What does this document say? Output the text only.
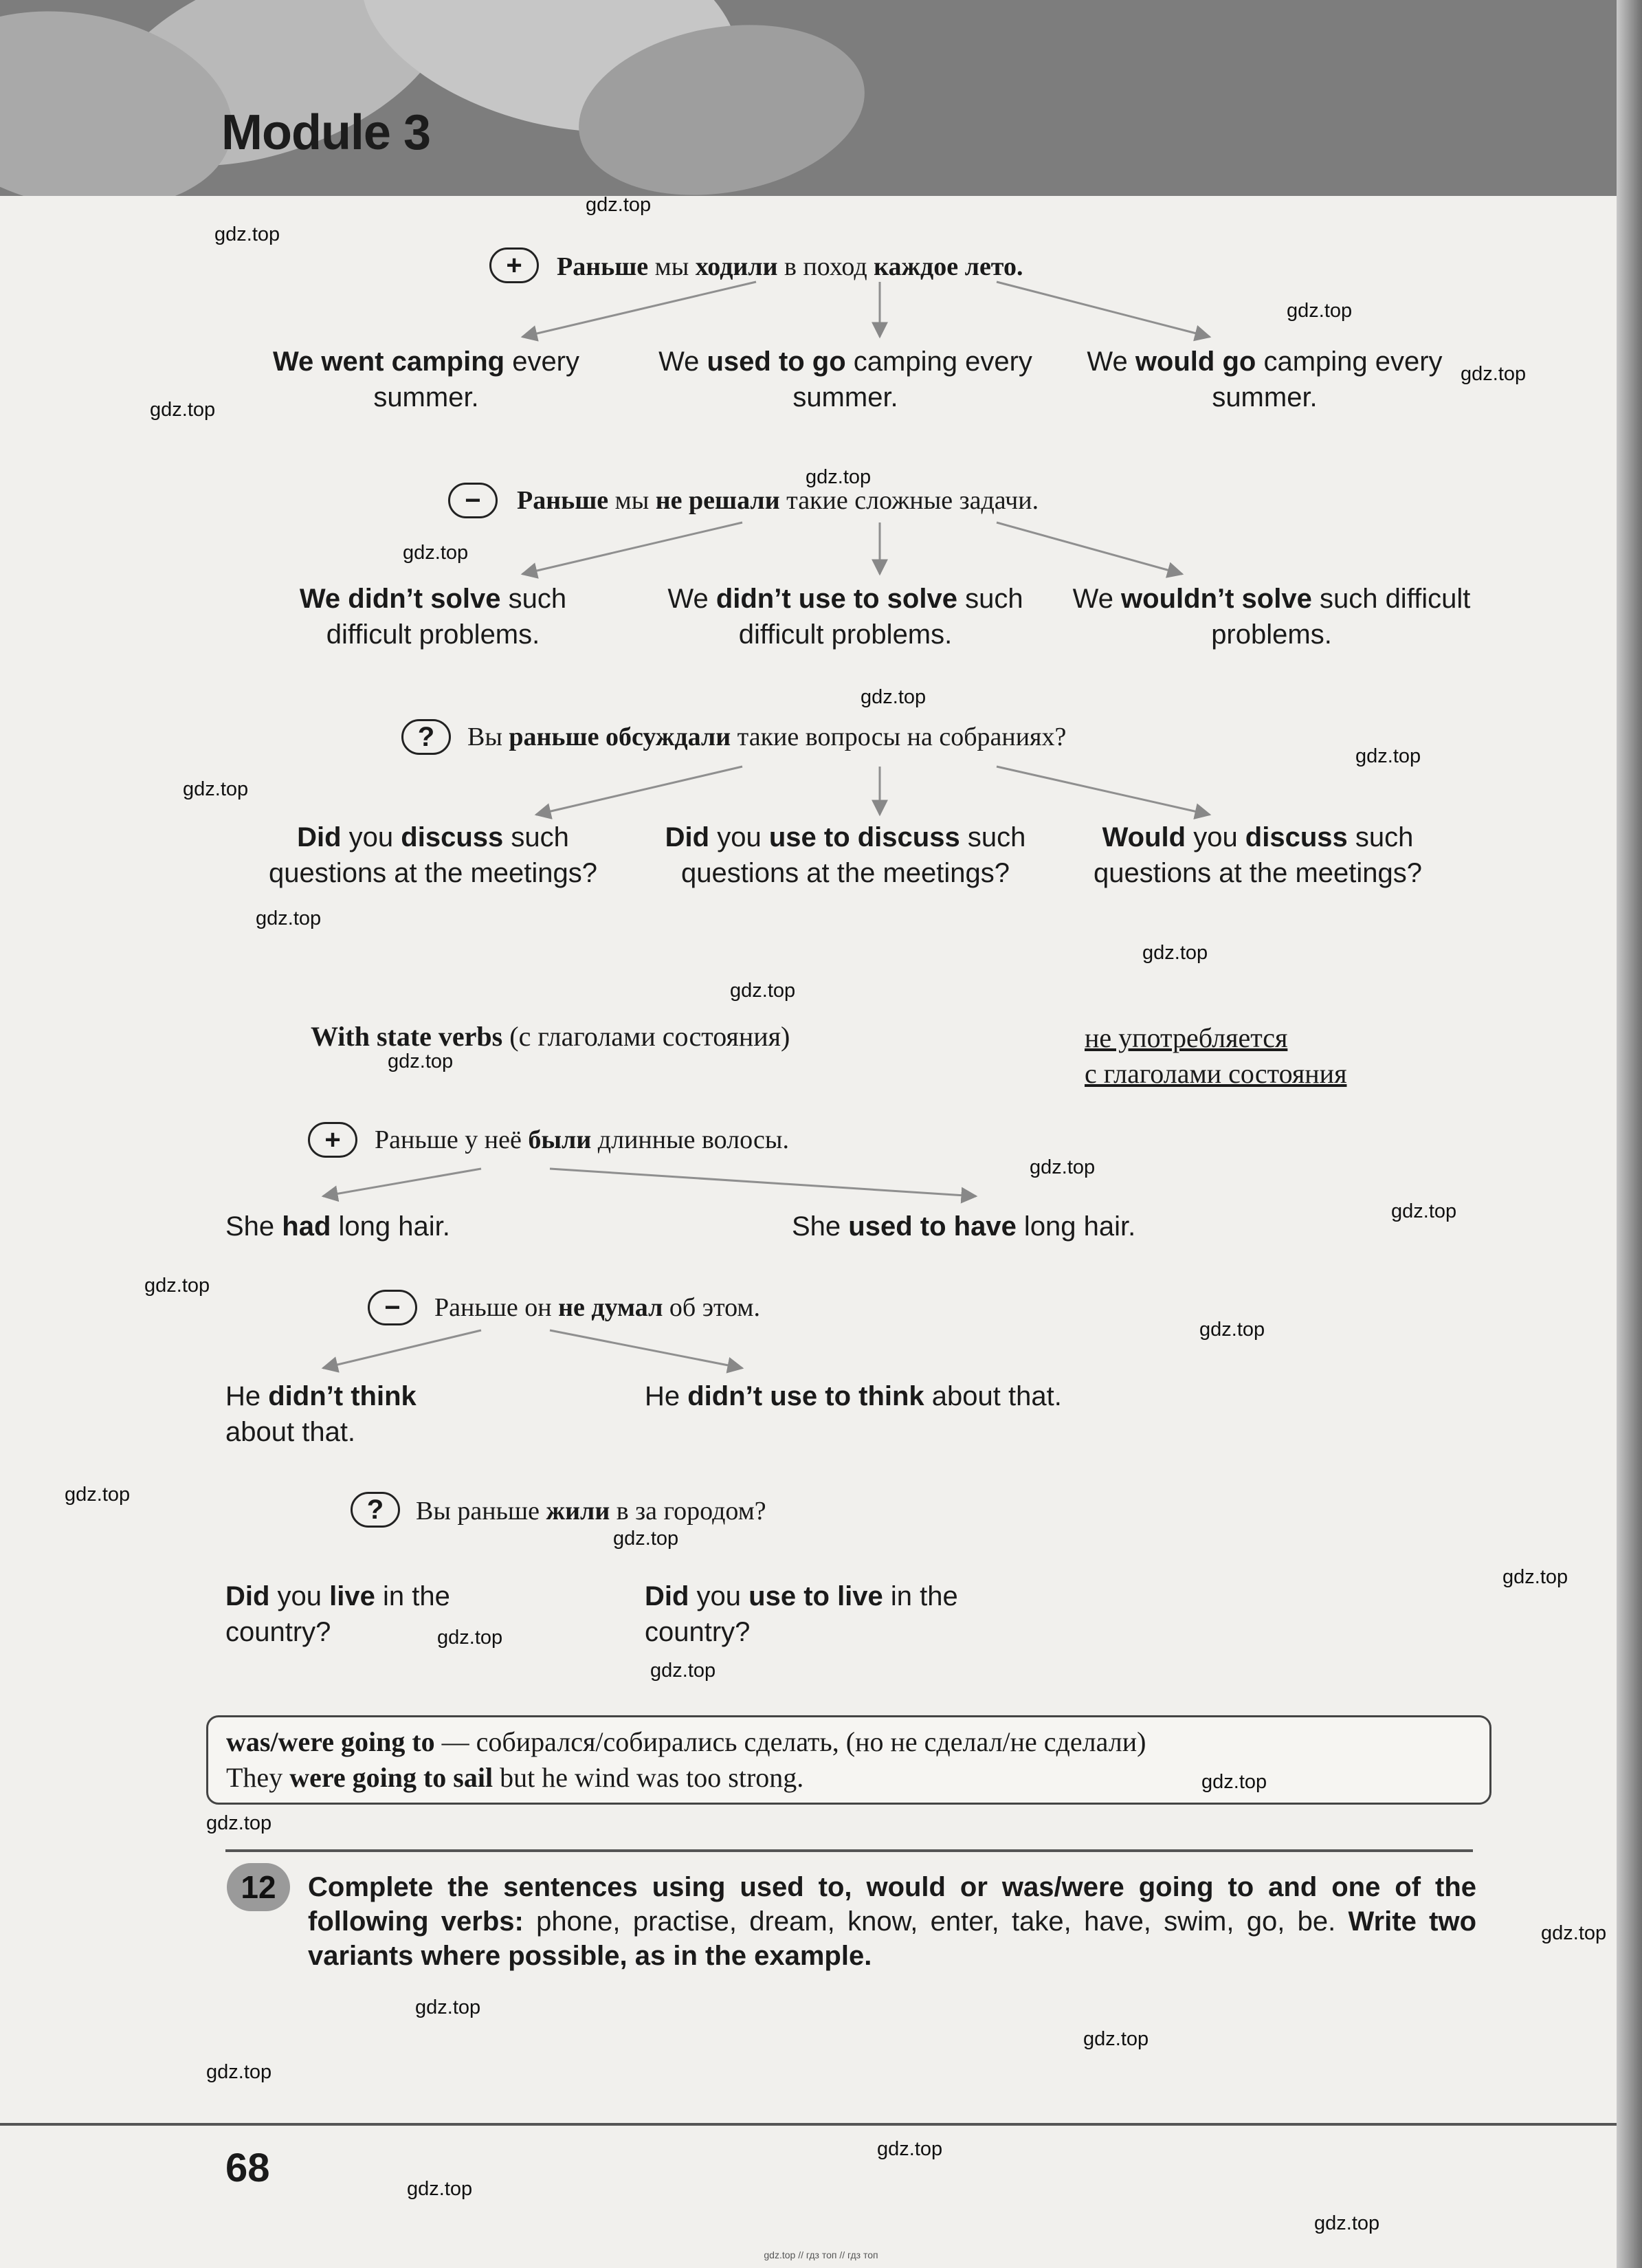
Module 3
+	Раньше мы ходили в поход каждое лето.
We went camping every summer.
We used to go camping every summer.
We would go camping every summer.
−	Раньше мы не решали такие сложные задачи.
We didn’t solve such difficult problems.
We didn’t use to solve such difficult problems.
We wouldn’t solve such difficult problems.
?	Вы раньше обсуждали такие вопросы на собраниях?
Did you discuss such questions at the meetings?
Did you use to discuss such questions at the meetings?
Would you discuss such questions at the meetings?
With state verbs (с глаголами состояния)	не употребляется
с глаголами состояния
+	Раньше у неё были длинные волосы.
She had long hair.	She used to have long hair.
−	Раньше он не думал об этом.
He didn’t think about that.
He didn’t use to think about that.
?	Вы раньше жили в за городом?
Did you live in the country?
Did you use to live in the country?
was/were going to — собирался/собирались сделать, (но не сделал/не сделали)
They were going to sail but he wind was too strong.
12	Complete the sentences using used to, would or was/were going to and one of the following verbs: phone, practise, dream, know, enter, take, have, swim, go, be. Write two variants where possible, as in the example.
68
gdz.top // гдз топ // гдз топ
gdz.top
gdz.top
gdz.top
gdz.top
gdz.top
gdz.top
gdz.top
gdz.top
gdz.top
gdz.top
gdz.top
gdz.top
gdz.top
gdz.top
gdz.top
gdz.top
gdz.top
gdz.top
gdz.top
gdz.top
gdz.top
gdz.top
gdz.top
gdz.top
gdz.top
gdz.top
gdz.top
gdz.top
gdz.top
gdz.top
gdz.top
gdz.top
